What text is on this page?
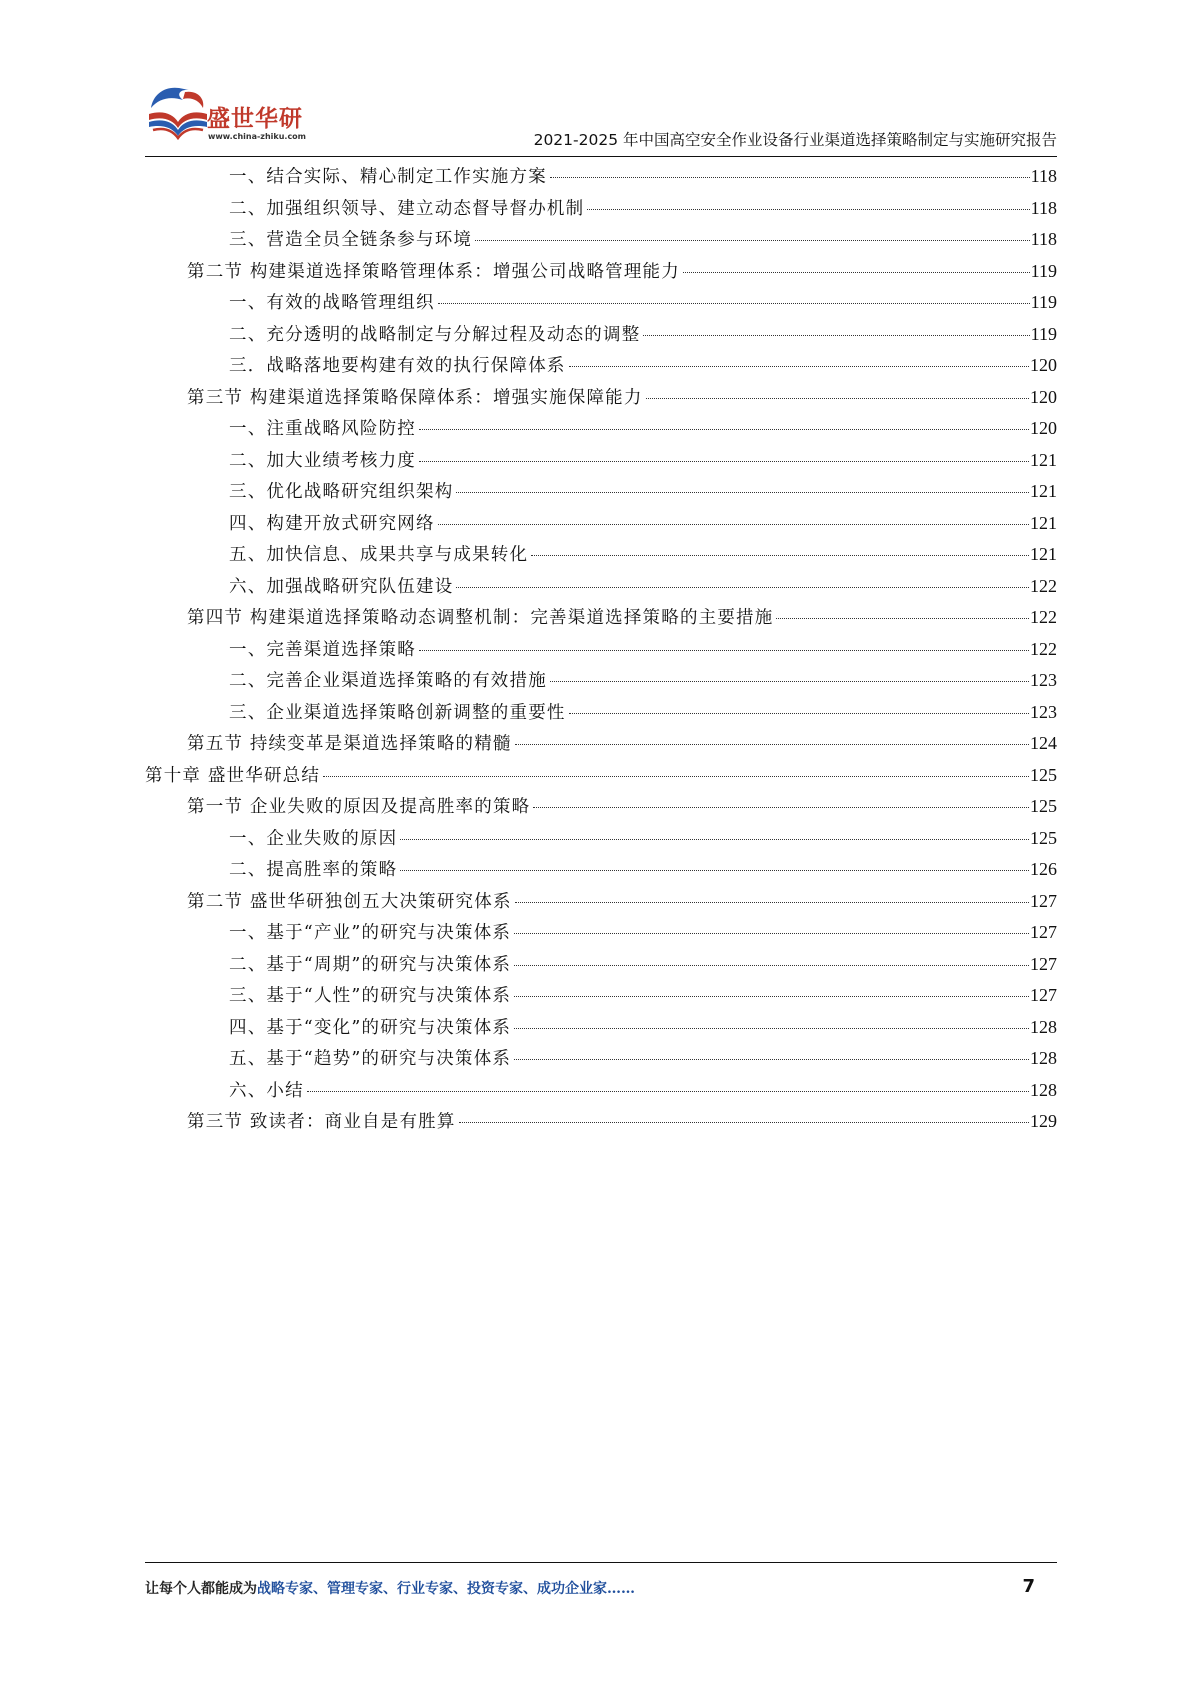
盛世华研
www.china-zhiku.com	2021-2025 年中国高空安全作业设备行业渠道选择策略制定与实施研究报告
一、结合实际、精心制定工作实施方案	118
二、加强组织领导、建立动态督导督办机制	118
三、营造全员全链条参与环境	118
第二节 构建渠道选择策略管理体系：增强公司战略管理能力	119
一、有效的战略管理组织	119
二、充分透明的战略制定与分解过程及动态的调整	119
三．战略落地要构建有效的执行保障体系	120
第三节 构建渠道选择策略保障体系：增强实施保障能力	120
一、注重战略风险防控	120
二、加大业绩考核力度	121
三、优化战略研究组织架构	121
四、构建开放式研究网络	121
五、加快信息、成果共享与成果转化	121
六、加强战略研究队伍建设	122
第四节 构建渠道选择策略动态调整机制：完善渠道选择策略的主要措施	122
一、完善渠道选择策略	122
二、完善企业渠道选择策略的有效措施	123
三、企业渠道选择策略创新调整的重要性	123
第五节 持续变革是渠道选择策略的精髓	124
第十章 盛世华研总结	125
第一节 企业失败的原因及提高胜率的策略	125
一、企业失败的原因	125
二、提高胜率的策略	126
第二节 盛世华研独创五大决策研究体系	127
一、基于“产业”的研究与决策体系	127
二、基于“周期”的研究与决策体系	127
三、基于“人性”的研究与决策体系	127
四、基于“变化”的研究与决策体系	128
五、基于“趋势”的研究与决策体系	128
六、小结	128
第三节 致读者：商业自是有胜算	129
让每个人都能成为战略专家、管理专家、行业专家、投资专家、成功企业家……	7
